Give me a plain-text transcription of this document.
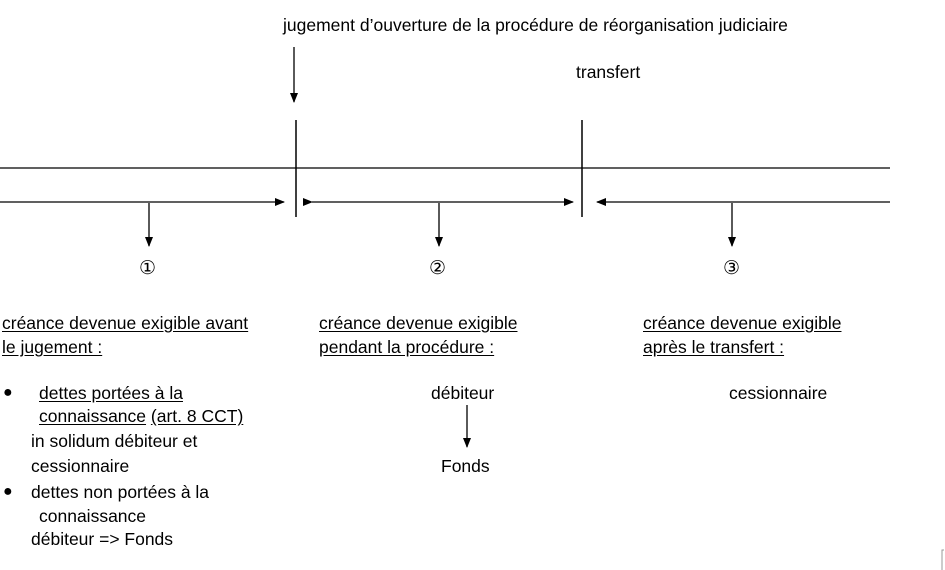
jugement d’ouverture de la procédure de réorganisation judiciaire
transfert
①	②	③
créance devenue exigible avant
le jugement :
● dettes portées à la
connaissance (art. 8 CCT)
in solidum débiteur et
cessionnaire
● dettes non portées à la
connaissance
débiteur => Fonds
créance devenue exigible
pendant la procédure :
débiteur
Fonds
créance devenue exigible
après le transfert :
cessionnaire
